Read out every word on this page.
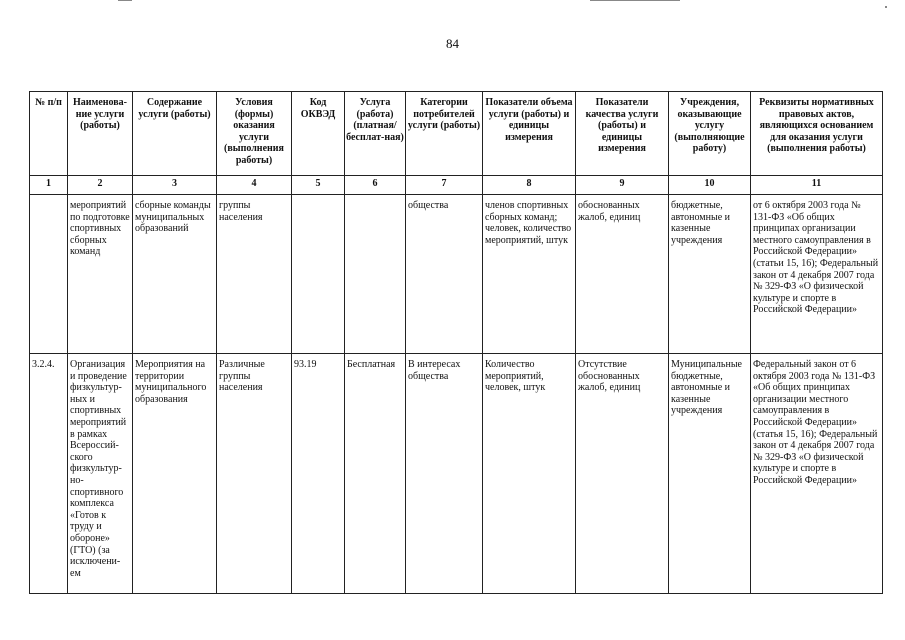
84
№ п/п	Наименова-ние услуги (работы)	Содержание услуги (работы)	Условия (формы) оказания услуги (выполнения работы)	Код ОКВЭД	Услуга (работа) (платная/ бесплат-ная)	Категории потребителей услуги (работы)	Показатели объема услуги (работы) и единицы измерения	Показатели качества услуги (работы) и единицы измерения	Учреждения, оказывающие услугу (выполняющие работу)	Реквизиты нормативных правовых актов, являющихся основанием для оказания услуги (выполнения работы)
1	2	3	4	5	6	7	8	9	10	11
	мероприятий по подготовке спортивных сборных команд	сборные команды муниципальных образований	группы населения			общества	членов спортивных сборных команд; человек, количество мероприятий, штук	обоснованных жалоб, единиц	бюджетные, автономные и казенные учреждения	от 6 октября 2003 года № 131-ФЗ «Об общих принципах организации местного самоуправления в Российской Федерации» (статьи 15, 16); Федеральный закон от 4 декабря 2007 года № 329-ФЗ «О физической культуре и спорте в Российской Федерации»
3.2.4.	Организация и проведение физкультур-ных и спортивных мероприятий в рамках Всероссий-ского физкультур-но-спортивного комплекса «Готов к труду и обороне» (ГТО) (за исключени-ем	Мероприятия на территории муниципального образования	Различные группы населения	93.19	Бесплатная	В интересах общества	Количество мероприятий, человек, штук	Отсутствие обоснованных жалоб, единиц	Муниципальные бюджетные, автономные и казенные учреждения	Федеральный закон от 6 октября 2003 года № 131-ФЗ «Об общих принципах организации местного самоуправления в Российской Федерации» (статья 15, 16); Федеральный закон от 4 декабря 2007 года № 329-ФЗ «О физической культуре и спорте в Российской Федерации»
